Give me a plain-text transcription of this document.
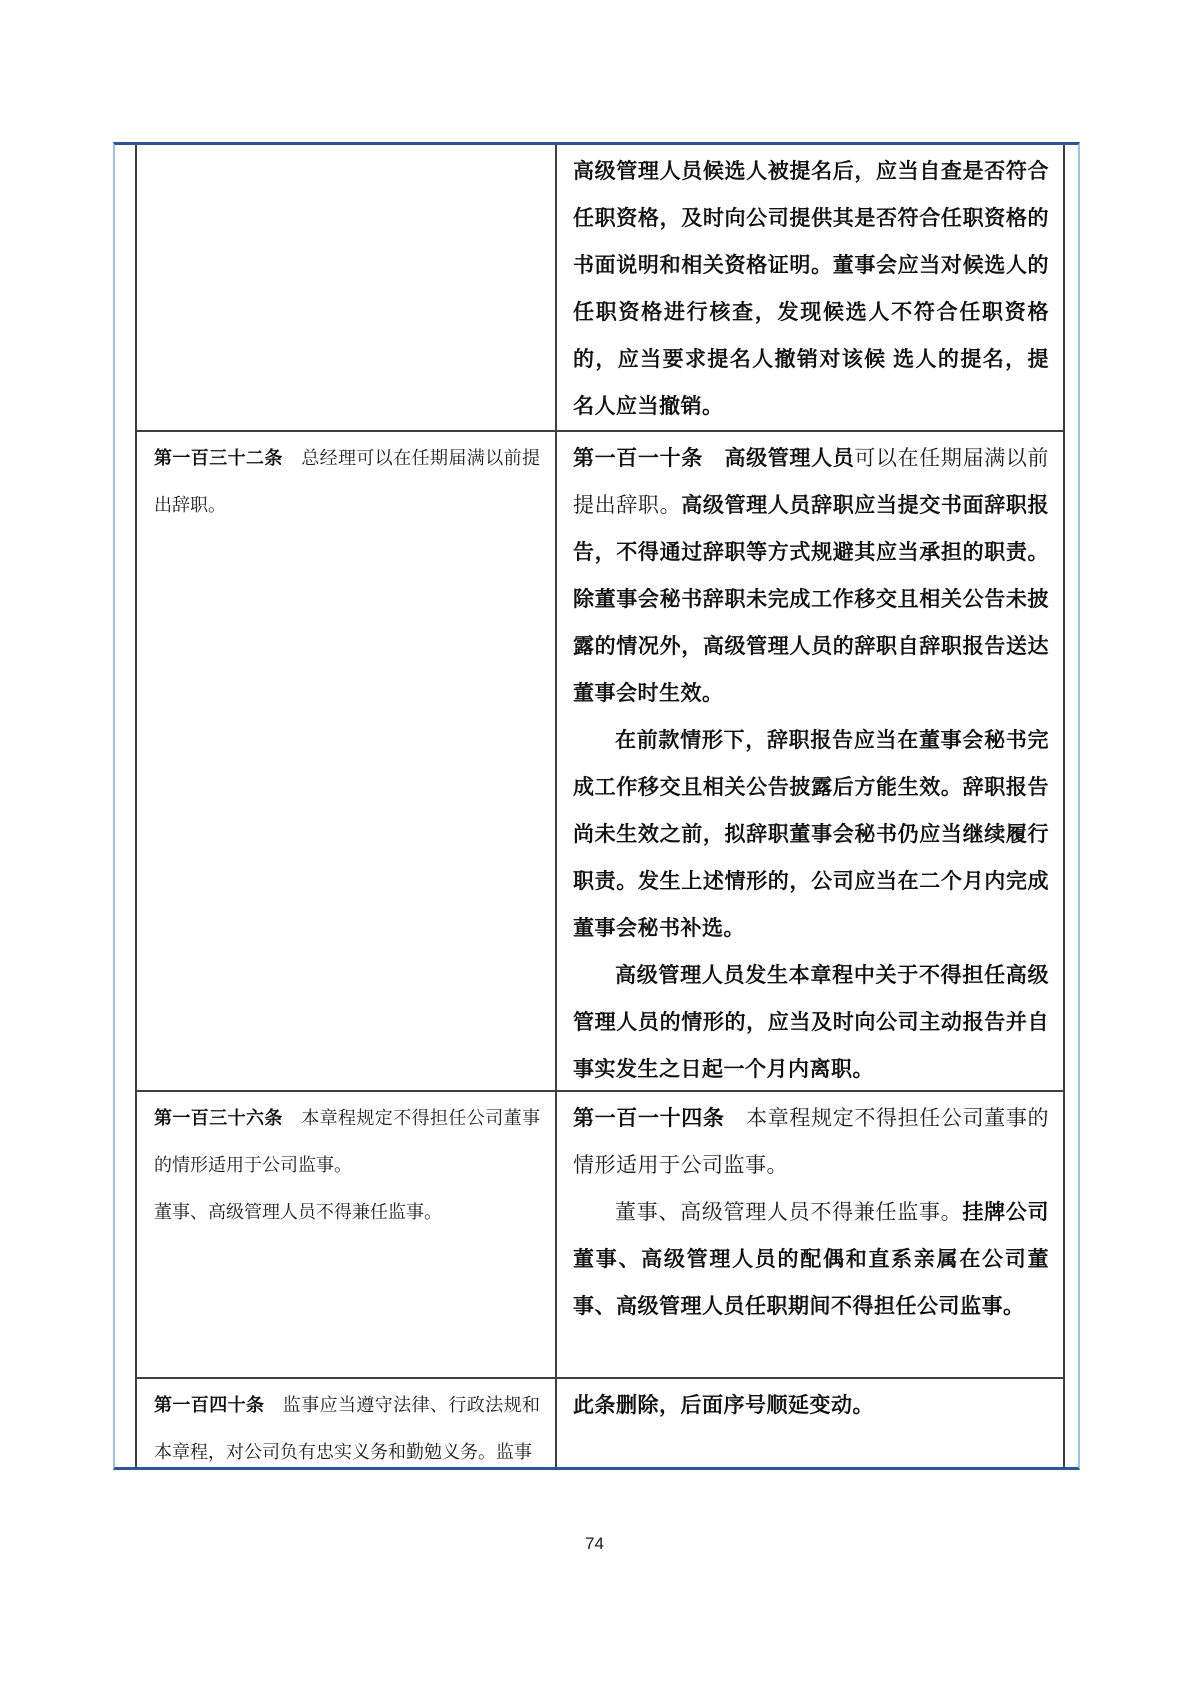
高级管理人员候选人被提名后，应当自查是否符合任职资格，及时向公司提供其是否符合任职资格的书面说明和相关资格证明。董事会应当对候选人的任职资格进行核查，发现候选人不符合任职资格的，应当要求提名人撤销对该候 选人的提名，提名人应当撤销。

第一百三十二条　总经理可以在任期届满以前提出辞职。

第一百一十条　高级管理人员可以在任期届满以前提出辞职。高级管理人员辞职应当提交书面辞职报告，不得通过辞职等方式规避其应当承担的职责。除董事会秘书辞职未完成工作移交且相关公告未披露的情况外，高级管理人员的辞职自辞职报告送达董事会时生效。

在前款情形下，辞职报告应当在董事会秘书完成工作移交且相关公告披露后方能生效。辞职报告尚未生效之前，拟辞职董事会秘书仍应当继续履行职责。发生上述情形的，公司应当在二个月内完成董事会秘书补选。

高级管理人员发生本章程中关于不得担任高级管理人员的情形的，应当及时向公司主动报告并自事实发生之日起一个月内离职。

第一百三十六条　本章程规定不得担任公司董事的情形适用于公司监事。

董事、高级管理人员不得兼任监事。

第一百一十四条　本章程规定不得担任公司董事的情形适用于公司监事。

董事、高级管理人员不得兼任监事。挂牌公司董事、高级管理人员的配偶和直系亲属在公司董事、高级管理人员任职期间不得担任公司监事。

第一百四十条　监事应当遵守法律、行政法规和本章程，对公司负有忠实义务和勤勉义务。监事

此条删除，后面序号顺延变动。

74
